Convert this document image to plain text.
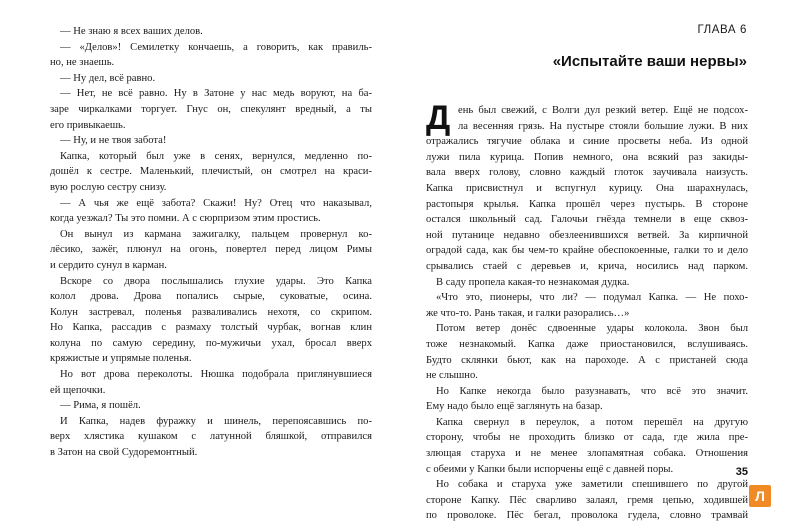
— Не знаю я всех ваших делов.
— «Делов»! Семилетку кончаешь, а говорить, как правиль-
но, не знаешь.
— Ну дел, всё равно.
— Нет, не всё равно. Ну в Затоне у нас медь воруют, на ба-
заре чиркалками торгует. Гнус он, спекулянт вредный, а ты
его привыкаешь.
— Ну, и не твоя забота!
Капка, который был уже в сенях, вернулся, медленно по-
дошёл к сестре. Маленький, плечистый, он смотрел на краси-
вую рослую сестру снизу.
— А чья же ещё забота? Скажи! Ну? Отец что наказывал,
когда уезжал? Ты это помни. А с сюрпризом этим простись.
Он вынул из кармана зажигалку, пальцем провернул ко-
лёсико, зажёг, плюнул на огонь, повертел перед лицом Римы
и сердито сунул в карман.
Вскоре со двора послышались глухие удары. Это Капка
колол дрова. Дрова попались сырые, суковатые, осина.
Колун застревал, поленья разваливались нехотя, со скрипом.
Но Капка, рассадив с размаху толстый чурбак, вогнав клин
колуна по самую середину, по-мужичьи ухал, бросал вверх
кряжистые и упрямые поленья.
Но вот дрова переколоты. Нюшка подобрала приглянувшиеся
ей щепочки.
— Рима, я пошёл.
И Капка, надев фуражку и шинель, перепоясавшись по-
верх хлястика кушаком с латунной бляшкой, отправился
в Затон на свой Судоремонтный.
ГЛАВА 6
«Испытайте ваши нервы»
Д ень был свежий, с Волги дул резкий ветер. Ещё не подсох-
ла весенняя грязь. На пустыре стояли большие лужи. В них
отражались тягучие облака и синие просветы неба. Из одной
лужи пила курица. Попив немного, она всякий раз закиды-
вала вверх голову, словно каждый глоток заучивала наизусть.
Капка присвистнул и вспугнул курицу. Она шарахнулась,
растопыря крылья. Капка прошёл через пустырь. В стороне
остался школьный сад. Галочьи гнёзда темнели в еще сквоз-
ной путанице недавно обезлеенившихся ветвей. За кирпичной
оградой сада, как бы чем-то крайне обеспокоенные, галки то и дело
срывались стаей с деревьев и, крича, носились над парком.
В саду пропела какая-то незнакомая дудка.
«Что это, пионеры, что ли? — подумал Капка. — Не похо-
же что-то. Рань такая, и галки разорались…»
Потом ветер донёс сдвоенные удары колокола. Звон был
тоже незнакомый. Капка даже приостановился, вслушиваясь.
Будто склянки бьют, как на пароходе. А с пристаней сюда
не слышно.
Но Капке некогда было разузнавать, что всё это значит.
Ему надо было ещё заглянуть на базар.
Капка свернул в переулок, а потом перешёл на другую
сторону, чтобы не проходить близко от сада, где жила пре-
злющая старуха и не менее злопамятная собака. Отношения
с обеими у Капки были испорчены ещё с давней поры.
Но собака и старуха уже заметили спешившего по другой
стороне Капку. Пёс сварливо залаял, гремя цепью, ходившей
по проволоке. Пёс бегал, проволока гудела, словно трамвай
35
Л
